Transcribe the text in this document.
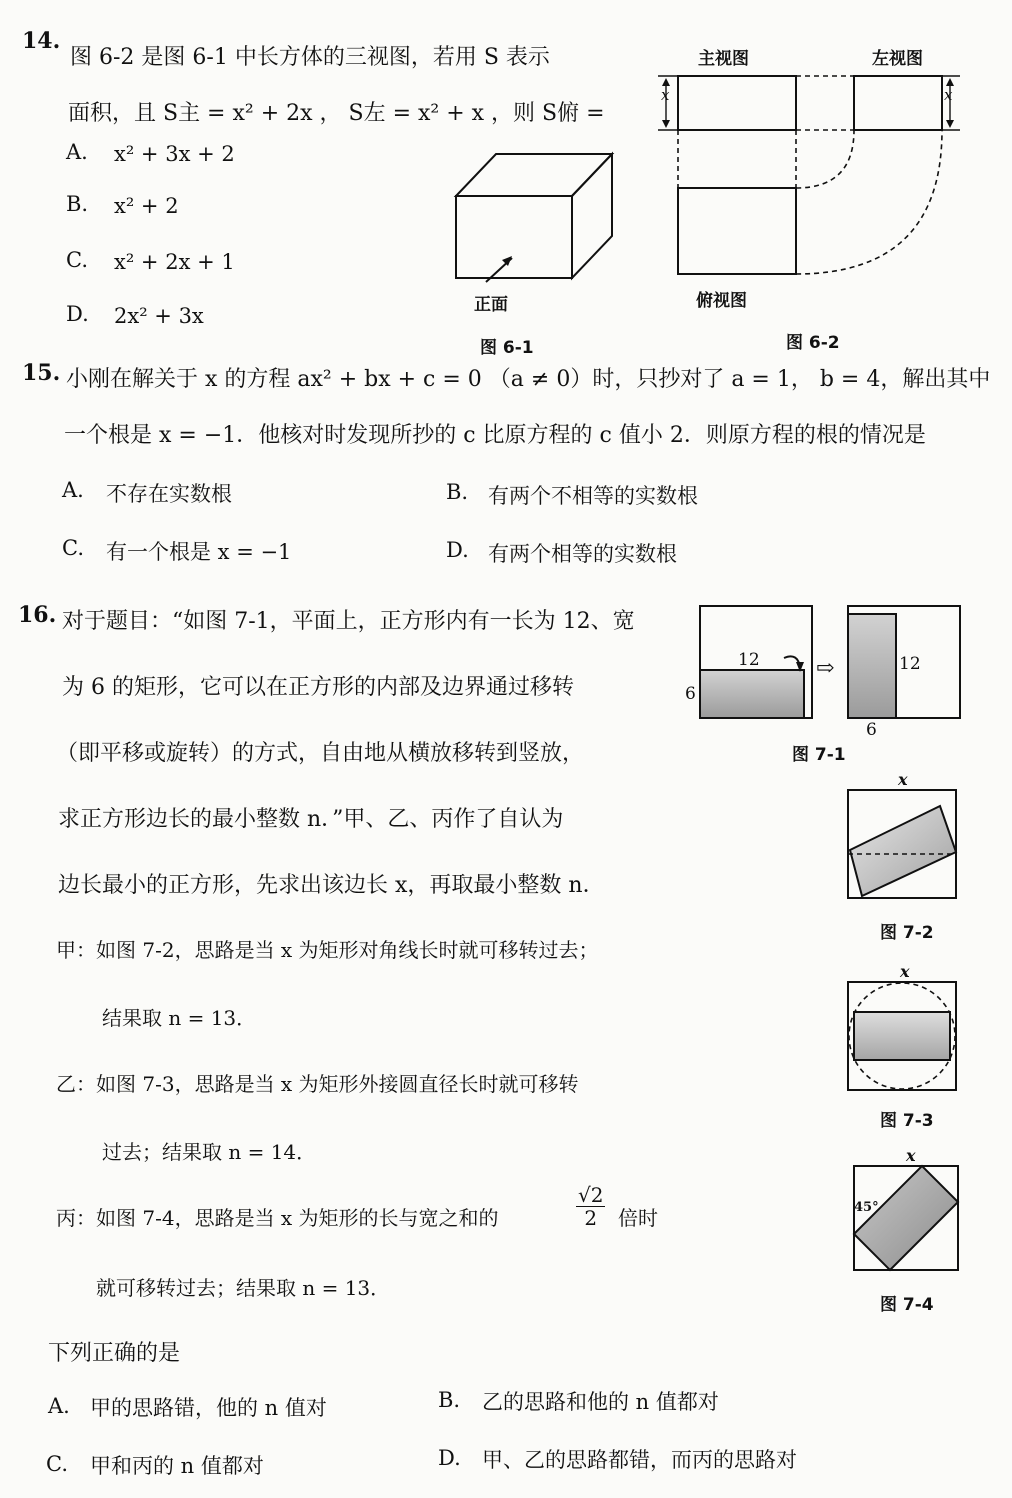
14.
图 6-2 是图 6-1 中长方体的三视图，若用 S 表示
面积，且 S主 = x² + 2x ， S左 = x² + x ，则 S俯 =
A. x² + 3x + 2
B. x² + 2
C. x² + 2x + 1
D. 2x² + 3x	正面
图 6-1
主视图	左视图
x	x
俯视图
图 6-2
15. 小刚在解关于 x 的方程 ax² + bx + c = 0 （a ≠ 0）时，只抄对了 a = 1， b = 4，解出其中
一个根是 x = −1．他核对时发现所抄的 c 比原方程的 c 值小 2．则原方程的根的情况是
A. 不存在实数根	B. 有两个不相等的实数根
C. 有一个根是 x = −1	D. 有两个相等的实数根
16. 对于题目：“如图 7-1，平面上，正方形内有一长为 12、宽
为 6 的矩形，它可以在正方形的内部及边界通过移转
（即平移或旋转）的方式，自由地从横放移转到竖放，
求正方形边长的最小整数 n．”甲、乙、丙作了自认为
边长最小的正方形，先求出该边长 x，再取最小整数 n．
甲：如图 7-2，思路是当 x 为矩形对角线长时就可移转过去；
结果取 n = 13．
乙：如图 7-3，思路是当 x 为矩形外接圆直径长时就可移转
过去；结果取 n = 14．
丙：如图 7-4，思路是当 x 为矩形的长与宽之和的	$\frac{√2}{2}$ 倍时
就可移转过去；结果取 n = 13．
下列正确的是
A. 甲的思路错，他的 n 值对	B. 乙的思路和他的 n 值都对
C. 甲和丙的 n 值都对	D. 甲、乙的思路都错，而丙的思路对
12
6
⇨	12
6
图 7-1
x
图 7-2
x
图 7-3
x
45°
图 7-4
